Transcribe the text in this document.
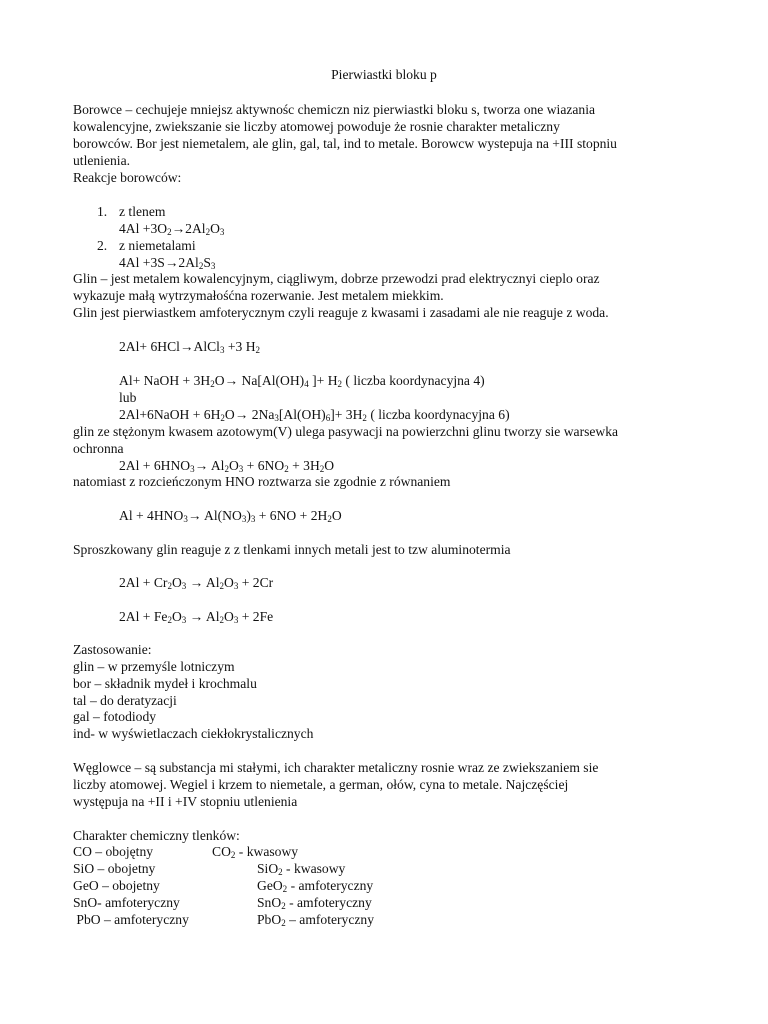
Pierwiastki bloku p
Borowce – cechujeje mniejsz aktywnośc chemiczn niz pierwiastki bloku s, tworza one wiazania
kowalencyjne, zwiekszanie sie liczby atomowej powoduje że rosnie charakter metaliczny
borowców. Bor jest niemetalem, ale glin, gal, tal, ind to metale. Borowcw wystepuja na +III stopniu
utlenienia.
Reakcje borowców:
1. z tlenem
$4Al +3O_2\to 2Al_2O_3$
2. z niemetalami
$4Al +3S\to 2Al_2S_3$
Glin – jest metalem kowalencyjnym, ciągliwym, dobrze przewodzi prad elektrycznyi cieplo oraz
wykazuje małą wytrzymałośćna rozerwanie. Jest metalem miekkim.
Glin jest pierwiastkem amfoterycznym czyli reaguje z kwasami i zasadami ale nie reaguje z woda.
2Al+ 6HCl→AlCl$_3$ +3 $H_2$
Al+ NaOH + $3H_2O\to Na[Al(OH)_4$ ]+ $H_2$ ( liczba koordynacyjna 4)
lub
2Al+6NaOH + $6H_2O\to 2Na_3[Al(OH)_6]+ 3H_2$ ( liczba koordynacyjna 6)
glin ze stężonym kwasem azotowym(V) ulega pasywacji na powierzchni glinu tworzy sie warsewka
ochronna
$2Al + 6HNO_3\to Al_2O_3 + 6NO_2 + 3H_2O$
natomiast z rozcieńczonym HNO roztwarza sie zgodnie z równaniem
$Al + 4HNO_3\to Al(NO_3)_3 + 6NO + 2H_2O$
Sproszkowany glin reaguje z z tlenkami innych metali jest to tzw aluminotermia
$2Al + Cr_2O_3 \to Al_2O_3 + 2Cr$
$2Al + Fe_2O_3 \to Al_2O_3 + 2Fe$
Zastosowanie:
glin – w przemyśle lotniczym
bor – składnik mydeł i krochmalu
tal – do deratyzacji
gal – fotodiody
ind- w wyświetlaczach ciekłokrystalicznych
Węglowce – są substancja mi stałymi, ich charakter metaliczny rosnie wraz ze zwiekszaniem sie
liczby atomowej. Wegiel i krzem to niemetale, a german, ołów, cyna to metale. Najczęściej
występuja na +II i +IV stopniu utlenienia
Charakter chemiczny tlenków:
CO – obojętny	$CO_2$ - kwasowy
SiO – obojetny	SiO$_2$ - kwasowy
GeO – obojetny	GeO$_2$ - amfoteryczny
SnO- amfoteryczny	SnO$_2$ - amfoteryczny
PbO – amfoteryczny	PbO$_2$ – amfoteryczny
